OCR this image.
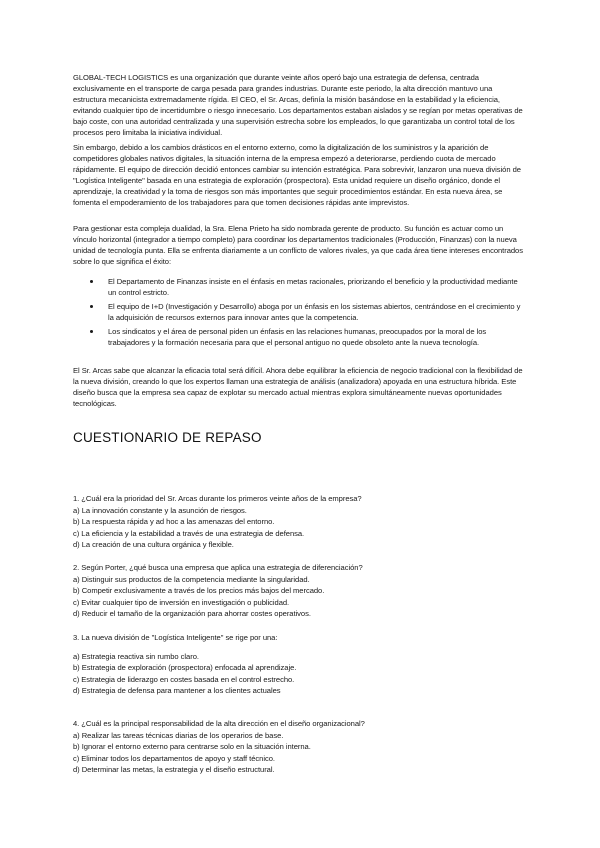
GLOBAL-TECH LOGISTICS es una organización que durante veinte años operó bajo una estrategia de defensa, centrada exclusivamente en el transporte de carga pesada para grandes industrias. Durante este periodo, la alta dirección mantuvo una estructura mecanicista extremadamente rígida. El CEO, el Sr. Arcas, definía la misión basándose en la estabilidad y la eficiencia, evitando cualquier tipo de incertidumbre o riesgo innecesario. Los departamentos estaban aislados y se regían por metas operativas de bajo coste, con una autoridad centralizada y una supervisión estrecha sobre los empleados, lo que garantizaba un control total de los procesos pero limitaba la iniciativa individual.

Sin embargo, debido a los cambios drásticos en el entorno externo, como la digitalización de los suministros y la aparición de competidores globales nativos digitales, la situación interna de la empresa empezó a deteriorarse, perdiendo cuota de mercado rápidamente. El equipo de dirección decidió entonces cambiar su intención estratégica. Para sobrevivir, lanzaron una nueva división de "Logística Inteligente" basada en una estrategia de exploración (prospectora). Esta unidad requiere un diseño orgánico, donde el aprendizaje, la creatividad y la toma de riesgos son más importantes que seguir procedimientos estándar. En esta nueva área, se fomenta el empoderamiento de los trabajadores para que tomen decisiones rápidas ante imprevistos.

Para gestionar esta compleja dualidad, la Sra. Elena Prieto ha sido nombrada gerente de producto. Su función es actuar como un vínculo horizontal (integrador a tiempo completo) para coordinar los departamentos tradicionales (Producción, Finanzas) con la nueva unidad de tecnología punta. Ella se enfrenta diariamente a un conflicto de valores rivales, ya que cada área tiene intereses encontrados sobre lo que significa el éxito:

El Departamento de Finanzas insiste en el énfasis en metas racionales, priorizando el beneficio y la productividad mediante un control estricto.
El equipo de I+D (Investigación y Desarrollo) aboga por un énfasis en los sistemas abiertos, centrándose en el crecimiento y la adquisición de recursos externos para innovar antes que la competencia.
Los sindicatos y el área de personal piden un énfasis en las relaciones humanas, preocupados por la moral de los trabajadores y la formación necesaria para que el personal antiguo no quede obsoleto ante la nueva tecnología.

El Sr. Arcas sabe que alcanzar la eficacia total será difícil. Ahora debe equilibrar la eficiencia de negocio tradicional con la flexibilidad de la nueva división, creando lo que los expertos llaman una estrategia de análisis (analizadora) apoyada en una estructura híbrida. Este diseño busca que la empresa sea capaz de explotar su mercado actual mientras explora simultáneamente nuevas oportunidades tecnológicas.

CUESTIONARIO DE REPASO
1. ¿Cuál era la prioridad del Sr. Arcas durante los primeros veinte años de la empresa?
a) La innovación constante y la asunción de riesgos.
b) La respuesta rápida y ad hoc a las amenazas del entorno.
c) La eficiencia y la estabilidad a través de una estrategia de defensa.
d) La creación de una cultura orgánica y flexible.
2. Según Porter, ¿qué busca una empresa que aplica una estrategia de diferenciación?
a) Distinguir sus productos de la competencia mediante la singularidad.
b) Competir exclusivamente a través de los precios más bajos del mercado.
c) Evitar cualquier tipo de inversión en investigación o publicidad.
d) Reducir el tamaño de la organización para ahorrar costes operativos.
3. La nueva división de "Logística Inteligente" se rige por una:
a) Estrategia reactiva sin rumbo claro.
b) Estrategia de exploración (prospectora) enfocada al aprendizaje.
c) Estrategia de liderazgo en costes basada en el control estrecho.
d) Estrategia de defensa para mantener a los clientes actuales
4. ¿Cuál es la principal responsabilidad de la alta dirección en el diseño organizacional?
a) Realizar las tareas técnicas diarias de los operarios de base.
b) Ignorar el entorno externo para centrarse solo en la situación interna.
c) Eliminar todos los departamentos de apoyo y staff técnico.
d) Determinar las metas, la estrategia y el diseño estructural.
